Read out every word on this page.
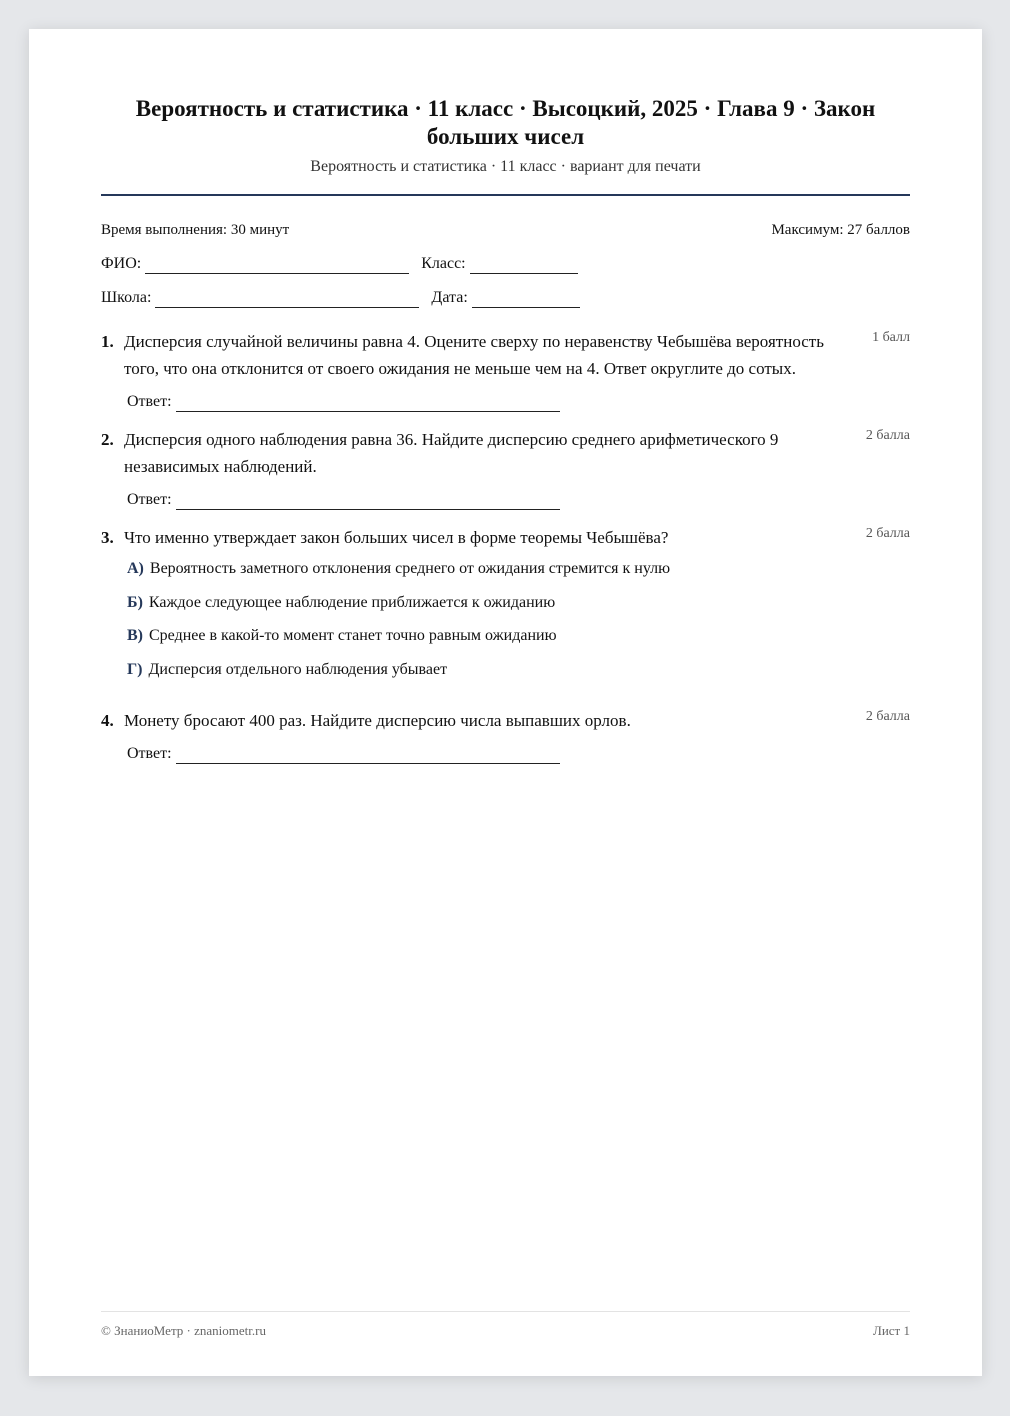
Вероятность и статистика · 11 класс · Высоцкий, 2025 · Глава 9 · Закон больших чисел
Вероятность и статистика · 11 класс · вариант для печати
Время выполнения: 30 минут	Максимум: 27 баллов
ФИО:	Класс:
Школа:	Дата:
1. Дисперсия случайной величины равна 4. Оцените сверху по неравенству Чебышёва вероятность того, что она отклонится от своего ожидания не меньше чем на 4. Ответ округлите до сотых.
Ответ:
1 балл
2. Дисперсия одного наблюдения равна 36. Найдите дисперсию среднего арифметического 9 независимых наблюдений.
Ответ:
2 балла
3. Что именно утверждает закон больших чисел в форме теоремы Чебышёва?
А) Вероятность заметного отклонения среднего от ожидания стремится к нулю
Б) Каждое следующее наблюдение приближается к ожиданию
В) Среднее в какой-то момент станет точно равным ожиданию
Г) Дисперсия отдельного наблюдения убывает
2 балла
4. Монету бросают 400 раз. Найдите дисперсию числа выпавших орлов.
Ответ:
2 балла
© ЗнаниоМетр · znaniometr.ru	Лист 1
